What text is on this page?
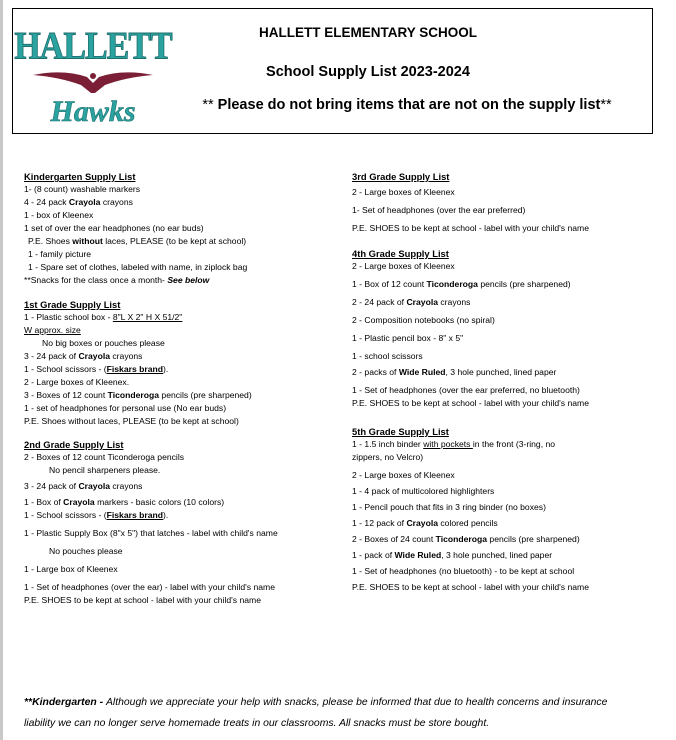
HALLETT
Hawks
HALLETT ELEMENTARY SCHOOL
School Supply List 2023-2024
** Please do not bring items that are not on the supply list**
Kindergarten Supply List
1- (8 count) washable markers
4 - 24 pack Crayola crayons
1 - box of Kleenex
1 set of over the ear headphones (no ear buds)
P.E. Shoes without laces, PLEASE (to be kept at school)
1 - family picture
1 - Spare set of clothes, labeled with name, in ziplock bag
**Snacks for the class once a month- See below
1st Grade Supply List
1 - Plastic school box - 8"L X 2" H X 51/2"
W approx. size
No big boxes or pouches please
3 - 24 pack of Crayola crayons
1 - School scissors - (Fiskars brand).
2 - Large boxes of Kleenex.
3 - Boxes of 12 count Ticonderoga pencils (pre sharpened)
1 - set of headphones for personal use (No ear buds)
P.E. Shoes without laces, PLEASE (to be kept at school)
2nd Grade Supply List
2 - Boxes of 12 count Ticonderoga pencils
No pencil sharpeners please.
3 - 24 pack of Crayola crayons
1 - Box of Crayola markers - basic colors (10 colors)
1 - School scissors - (Fiskars brand).
1 - Plastic Supply Box (8"x 5") that latches - label with child's name
No pouches please
1 - Large box of Kleenex
1 - Set of headphones (over the ear) - label with your child's name
P.E. SHOES to be kept at school - label with your child's name
3rd Grade Supply List
2 - Large boxes of Kleenex
1- Set of headphones (over the ear preferred)
P.E. SHOES to be kept at school - label with your child's name
4th Grade Supply List
2 - Large boxes of Kleenex
1 - Box of 12 count Ticonderoga pencils (pre sharpened)
2 - 24 pack of Crayola crayons
2 - Composition notebooks (no spiral)
1 - Plastic pencil box - 8" x 5"
1 - school scissors
2 - packs of Wide Ruled, 3 hole punched, lined paper
1 - Set of headphones (over the ear preferred, no bluetooth)
P.E. SHOES to be kept at school - label with your child's name
5th Grade Supply List
1 - 1.5 inch binder with pockets in the front (3-ring, no
zippers, no Velcro)
2 - Large boxes of Kleenex
1 - 4 pack of multicolored highlighters
1 - Pencil pouch that fits in 3 ring binder (no boxes)
1 - 12 pack of Crayola colored pencils
2 - Boxes of 24 count Ticonderoga pencils (pre sharpened)
1 - pack of Wide Ruled, 3 hole punched, lined paper
1 - Set of headphones (no bluetooth) - to be kept at school
P.E. SHOES to be kept at school - label with your child's name
**Kindergarten - Although we appreciate your help with snacks, please be informed that due to health concerns and insurance
liability we can no longer serve homemade treats in our classrooms. All snacks must be store bought.
